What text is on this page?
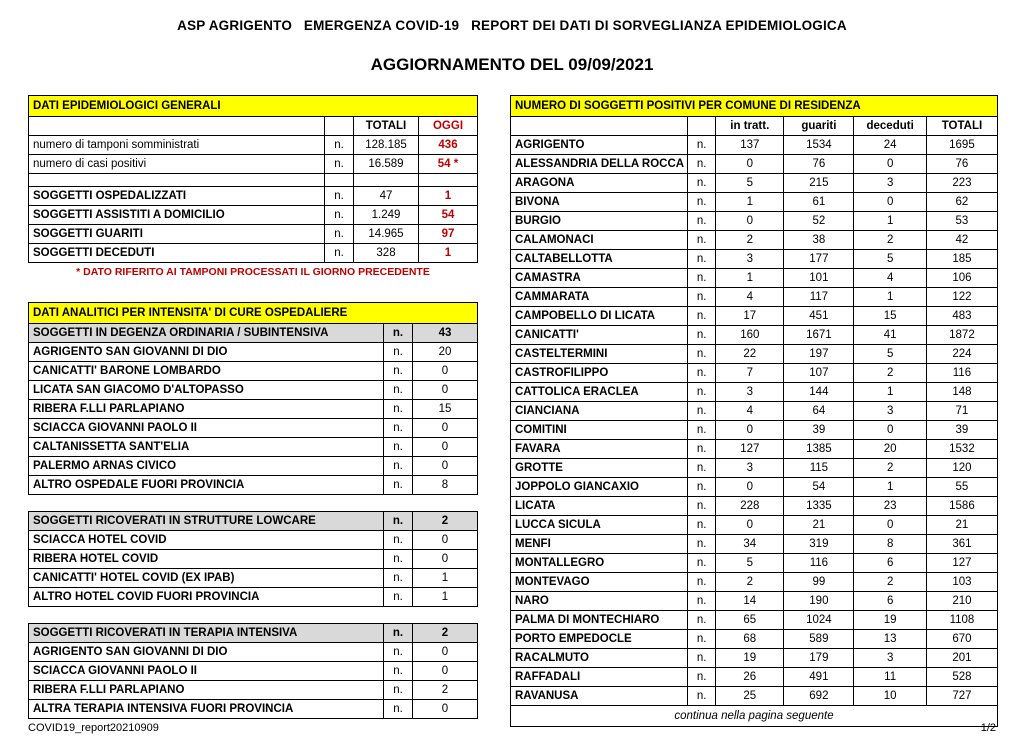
ASP AGRIGENTO   EMERGENZA COVID-19   REPORT DEI DATI DI SORVEGLIANZA EPIDEMIOLOGICA
AGGIORNAMENTO DEL 09/09/2021
DATI EPIDEMIOLOGICI GENERALI			
		TOTALI	OGGI
numero di tamponi somministrati	n.	128.185	436
numero di casi positivi	n.	16.589	54 *

SOGGETTI OSPEDALIZZATI	n.	47	1
SOGGETTI ASSISTITI A DOMICILIO	n.	1.249	54
SOGGETTI GUARITI	n.	14.965	97
SOGGETTI DECEDUTI	n.	328	1
* DATO RIFERITO AI TAMPONI PROCESSATI IL GIORNO PRECEDENTE
DATI ANALITICI PER INTENSITA' DI CURE OSPEDALIERE		
SOGGETTI IN DEGENZA ORDINARIA / SUBINTENSIVA	n.	43
AGRIGENTO SAN GIOVANNI DI DIO	n.	20
CANICATTI' BARONE LOMBARDO	n.	0
LICATA SAN GIACOMO D'ALTOPASSO	n.	0
RIBERA F.LLI PARLAPIANO	n.	15
SCIACCA GIOVANNI PAOLO II	n.	0
CALTANISSETTA SANT'ELIA	n.	0
PALERMO ARNAS CIVICO	n.	0
ALTRO OSPEDALE FUORI PROVINCIA	n.	8

SOGGETTI RICOVERATI IN STRUTTURE LOWCARE	n.	2
SCIACCA HOTEL COVID	n.	0
RIBERA HOTEL COVID	n.	0
CANICATTI' HOTEL COVID (EX IPAB)	n.	1
ALTRO HOTEL COVID FUORI PROVINCIA	n.	1

SOGGETTI RICOVERATI IN TERAPIA INTENSIVA	n.	2
AGRIGENTO SAN GIOVANNI DI DIO	n.	0
SCIACCA GIOVANNI PAOLO II	n.	0
RIBERA F.LLI PARLAPIANO	n.	2
ALTRA TERAPIA INTENSIVA FUORI PROVINCIA	n.	0
NUMERO DI SOGGETTI POSITIVI PER COMUNE DI RESIDENZA					
		in tratt.	guariti	deceduti	TOTALI
AGRIGENTO	n.	137	1534	24	1695
ALESSANDRIA DELLA ROCCA	n.	0	76	0	76
ARAGONA	n.	5	215	3	223
BIVONA	n.	1	61	0	62
BURGIO	n.	0	52	1	53
CALAMONACI	n.	2	38	2	42
CALTABELLOTTA	n.	3	177	5	185
CAMASTRA	n.	1	101	4	106
CAMMARATA	n.	4	117	1	122
CAMPOBELLO DI LICATA	n.	17	451	15	483
CANICATTI'	n.	160	1671	41	1872
CASTELTERMINI	n.	22	197	5	224
CASTROFILIPPO	n.	7	107	2	116
CATTOLICA ERACLEA	n.	3	144	1	148
CIANCIANA	n.	4	64	3	71
COMITINI	n.	0	39	0	39
FAVARA	n.	127	1385	20	1532
GROTTE	n.	3	115	2	120
JOPPOLO GIANCAXIO	n.	0	54	1	55
LICATA	n.	228	1335	23	1586
LUCCA SICULA	n.	0	21	0	21
MENFI	n.	34	319	8	361
MONTALLEGRO	n.	5	116	6	127
MONTEVAGO	n.	2	99	2	103
NARO	n.	14	190	6	210
PALMA DI MONTECHIARO	n.	65	1024	19	1108
PORTO EMPEDOCLE	n.	68	589	13	670
RACALMUTO	n.	19	179	3	201
RAFFADALI	n.	26	491	11	528
RAVANUSA	n.	25	692	10	727
continua nella pagina seguente					
COVID19_report20210909	1/2
